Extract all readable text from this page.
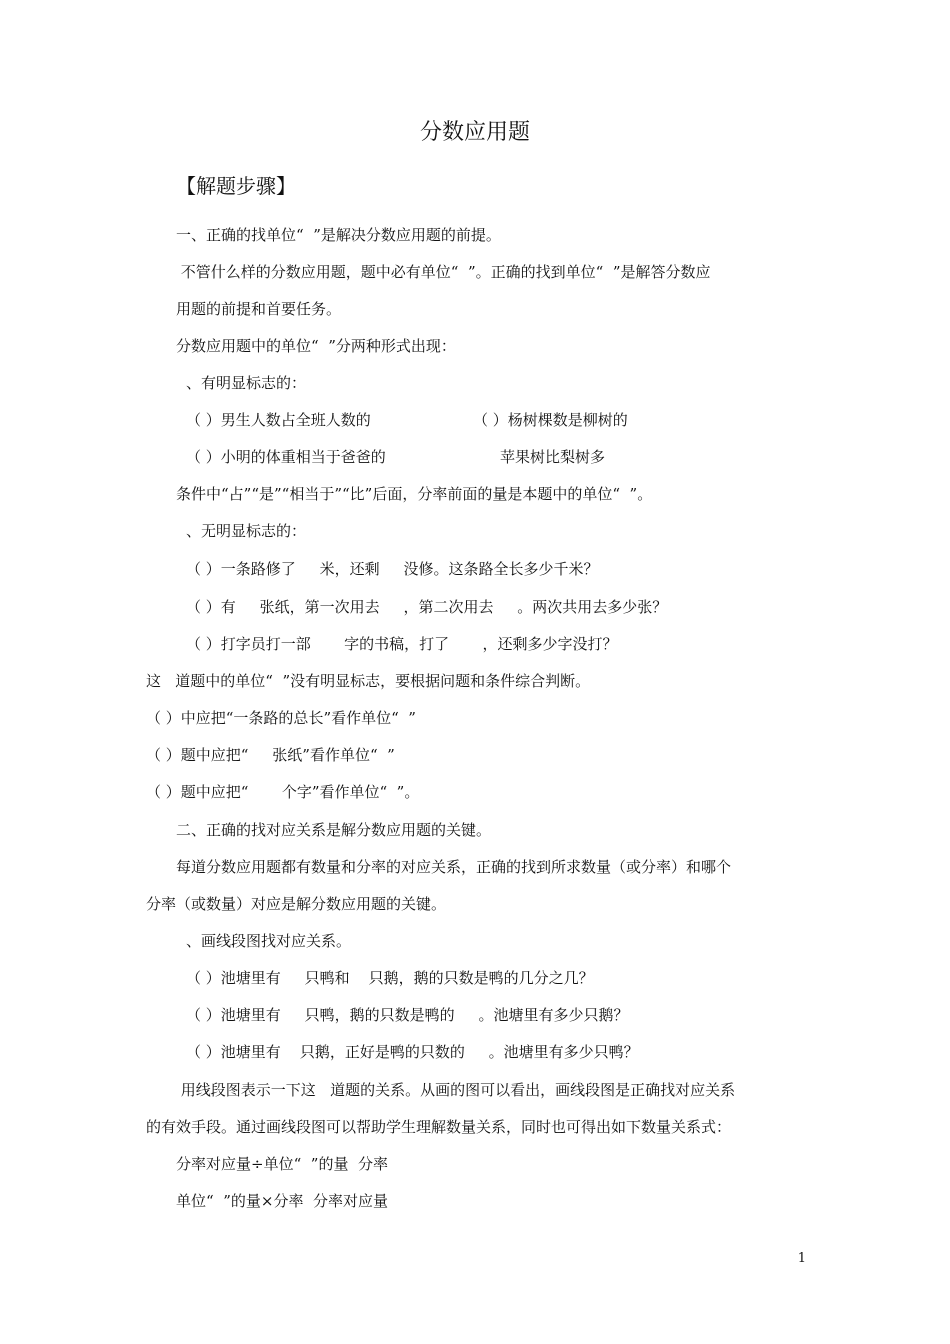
分数应用题
【解题步骤】
一、正确的找单位“  ”是解决分数应用题的前提。
不管什么样的分数应用题，题中必有单位“  ”。正确的找到单位“  ”是解答分数应
用题的前提和首要任务。
分数应用题中的单位“  ”分两种形式出现：
、有明显标志的：
（ ）男生人数占全班人数的	（ ）杨树棵数是柳树的
（ ）小明的体重相当于爸爸的	苹果树比梨树多
条件中“占”“是”“相当于”“比”后面，分率前面的量是本题中的单位“  ”。
、无明显标志的：
（ ）一条路修了     米，还剩     没修。这条路全长多少千米？
（ ）有     张纸，第一次用去     ，第二次用去     。两次共用去多少张？
（ ）打字员打一部       字的书稿，打了       ，还剩多少字没打？
这   道题中的单位“  ”没有明显标志，要根据问题和条件综合判断。
（ ）中应把“一条路的总长”看作单位“  ”
（ ）题中应把“     张纸”看作单位“  ”
（ ）题中应把“       个字”看作单位“  ”。
二、正确的找对应关系是解分数应用题的关键。
每道分数应用题都有数量和分率的对应关系，正确的找到所求数量（或分率）和哪个
分率（或数量）对应是解分数应用题的关键。
、画线段图找对应关系。
（ ）池塘里有     只鸭和    只鹅，鹅的只数是鸭的几分之几？
（ ）池塘里有     只鸭，鹅的只数是鸭的     。池塘里有多少只鹅？
（ ）池塘里有    只鹅，正好是鸭的只数的     。池塘里有多少只鸭？
用线段图表示一下这   道题的关系。从画的图可以看出，画线段图是正确找对应关系
的有效手段。通过画线段图可以帮助学生理解数量关系，同时也可得出如下数量关系式：
分率对应量÷单位“  ”的量  分率
单位“  ”的量×分率  分率对应量
1
